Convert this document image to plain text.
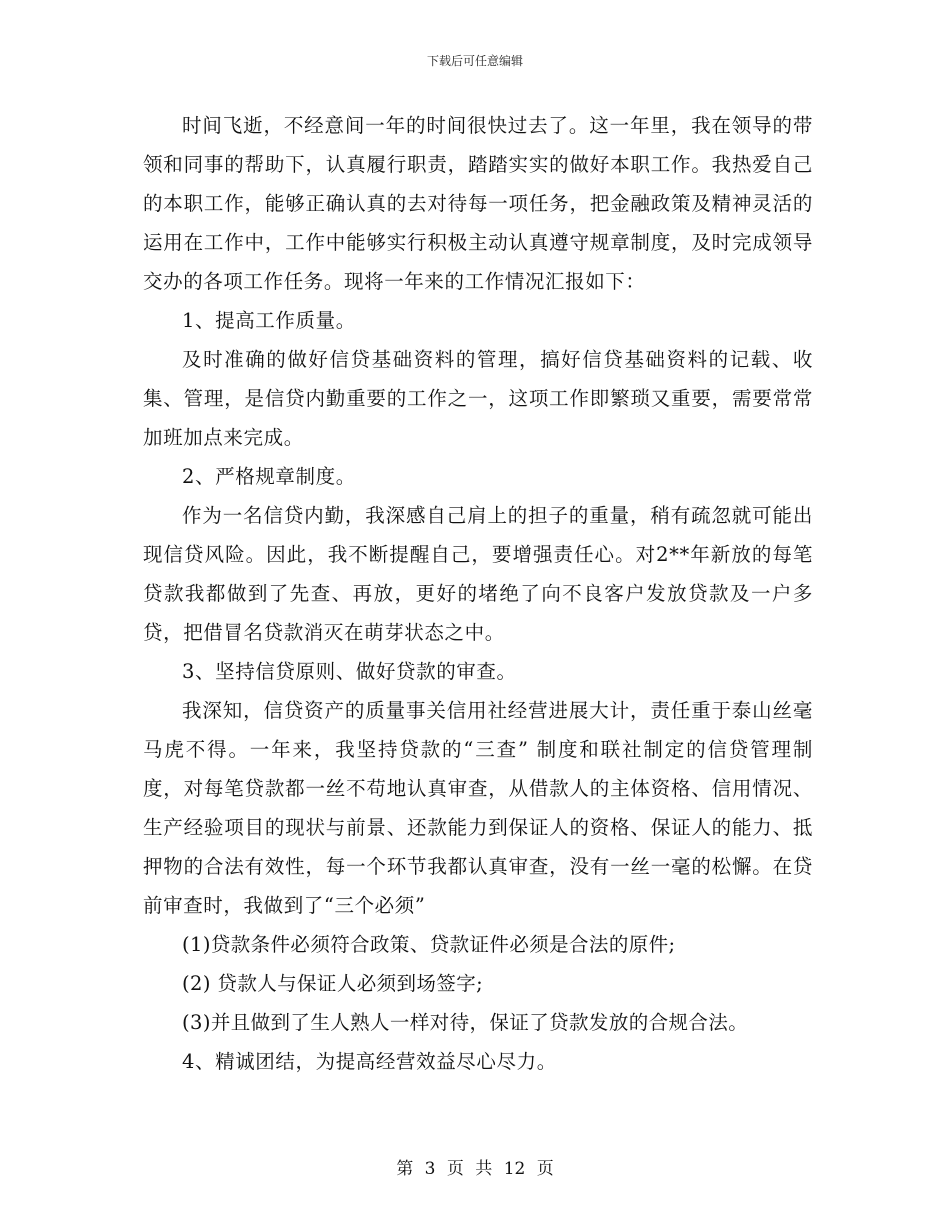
下载后可任意编辑

时间飞逝，不经意间一年的时间很快过去了。这一年里，我在领导的带领和同事的帮助下，认真履行职责，踏踏实实的做好本职工作。我热爱自己的本职工作，能够正确认真的去对待每一项任务，把金融政策及精神灵活的运用在工作中，工作中能够实行积极主动认真遵守规章制度，及时完成领导交办的各项工作任务。现将一年来的工作情况汇报如下：

1、提高工作质量。

及时准确的做好信贷基础资料的管理，搞好信贷基础资料的记载、收集、管理，是信贷内勤重要的工作之一，这项工作即繁琐又重要，需要常常加班加点来完成。

2、严格规章制度。

作为一名信贷内勤，我深感自己肩上的担子的重量，稍有疏忽就可能出现信贷风险。因此，我不断提醒自己，要增强责任心。对2**年新放的每笔贷款我都做到了先查、再放，更好的堵绝了向不良客户发放贷款及一户多贷，把借冒名贷款消灭在萌芽状态之中。

3、坚持信贷原则、做好贷款的审查。

我深知，信贷资产的质量事关信用社经营进展大计，责任重于泰山丝毫马虎不得。一年来，我坚持贷款的“三查” 制度和联社制定的信贷管理制度，对每笔贷款都一丝不苟地认真审查，从借款人的主体资格、信用情况、生产经验项目的现状与前景、还款能力到保证人的资格、保证人的能力、抵押物的合法有效性，每一个环节我都认真审查，没有一丝一毫的松懈。在贷前审查时，我做到了“三个必须”

(1)贷款条件必须符合政策、贷款证件必须是合法的原件;

(2) 贷款人与保证人必须到场签字;

(3)并且做到了生人熟人一样对待，保证了贷款发放的合规合法。

4、精诚团结，为提高经营效益尽心尽力。

第 3 页 共 12 页
